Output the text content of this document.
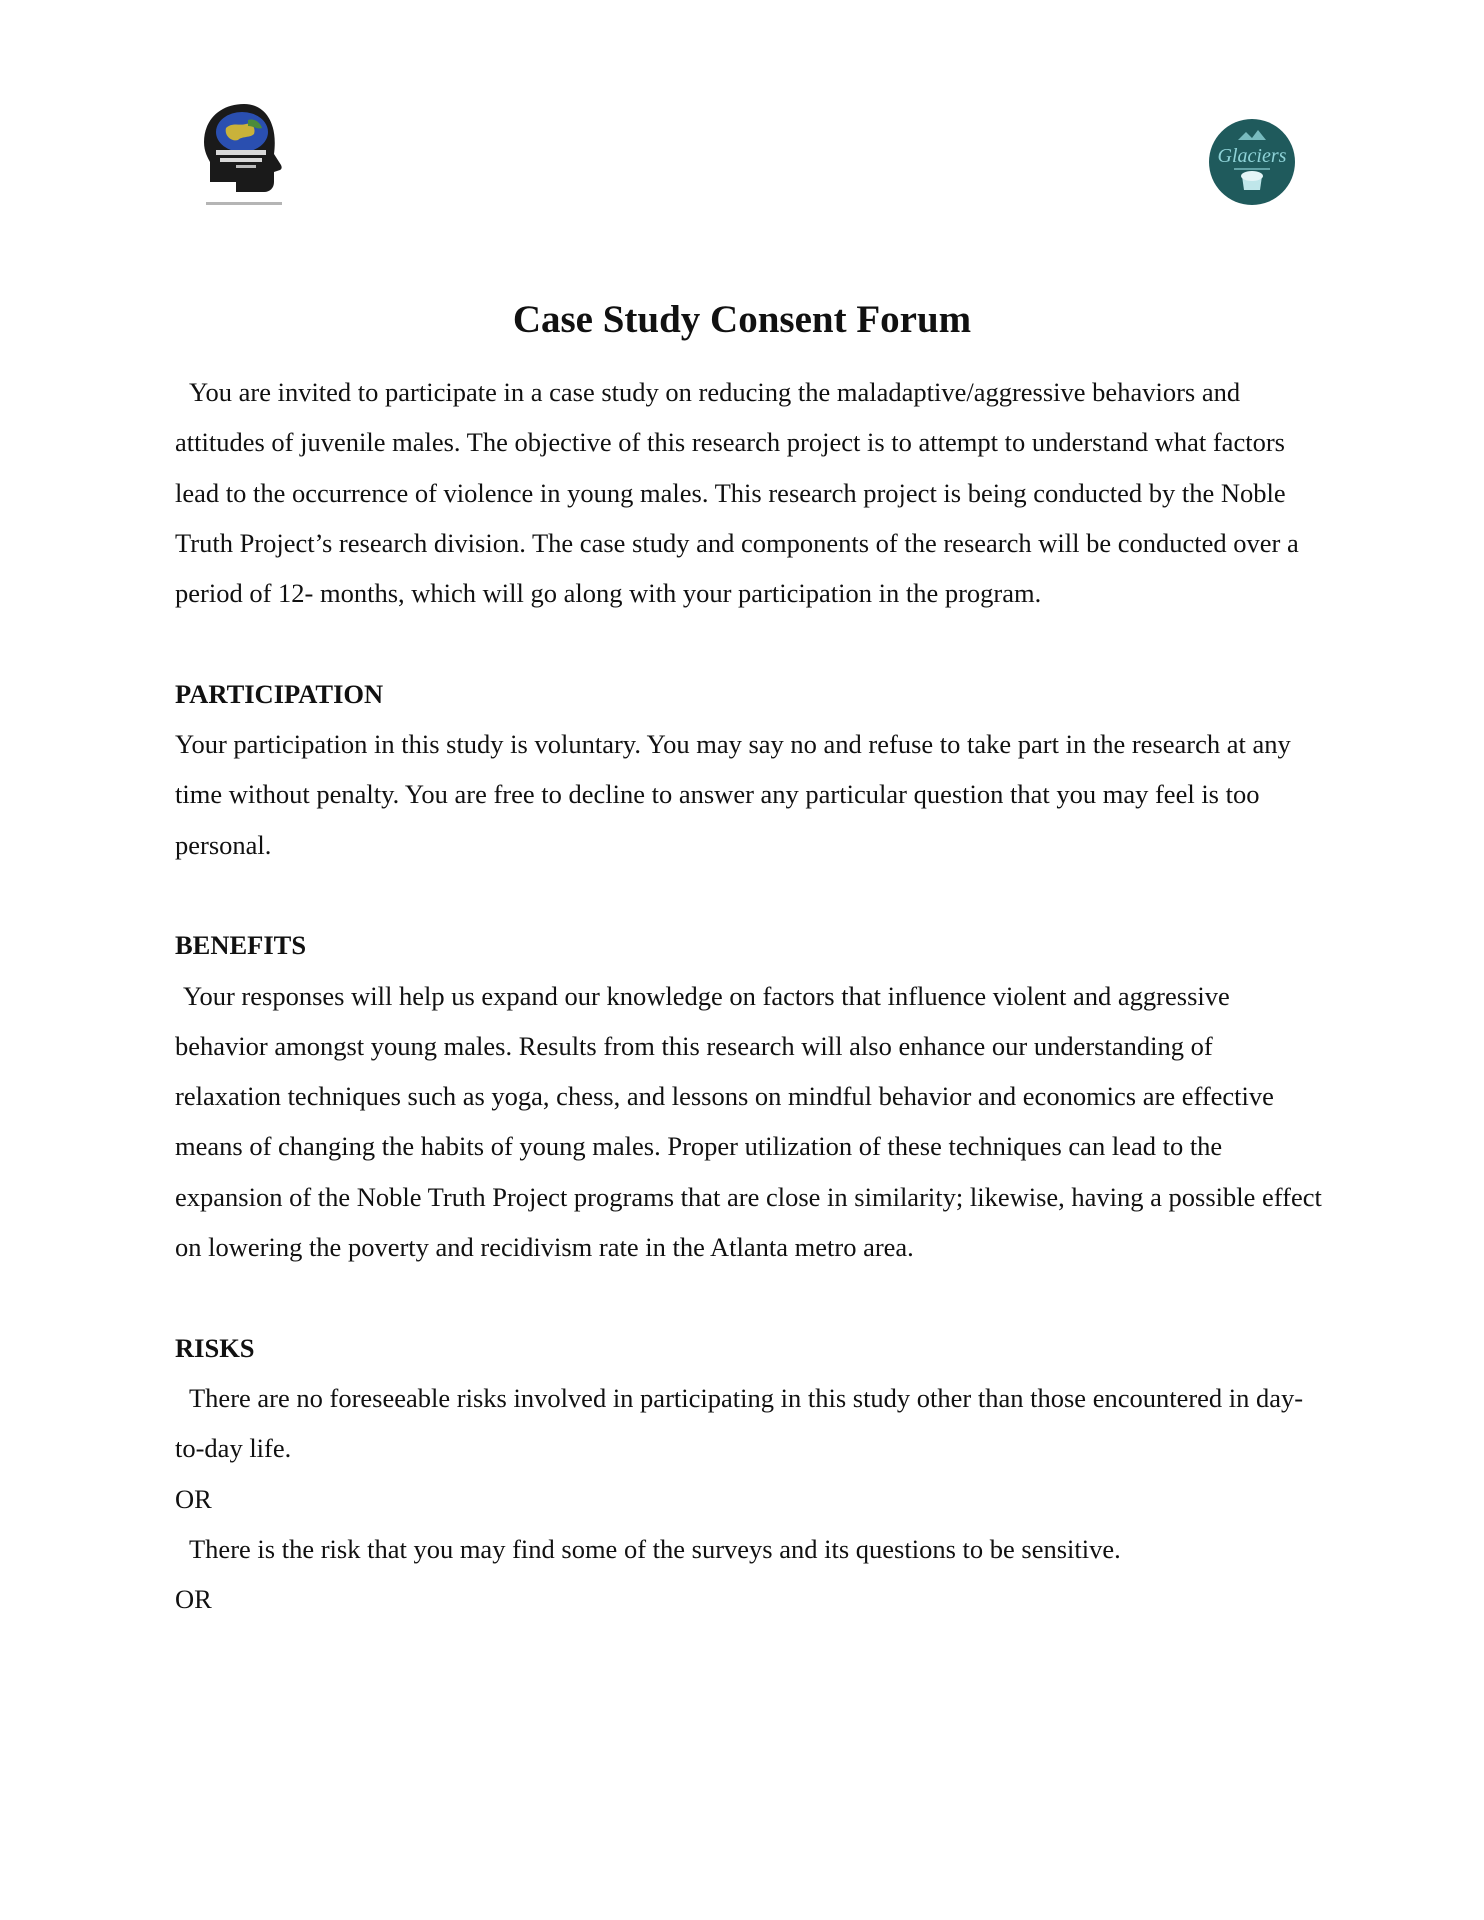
Glaciers
Case Study Consent Forum

You are invited to participate in a case study on reducing the maladaptive/aggressive behaviors and attitudes of juvenile males. The objective of this research project is to attempt to understand what factors lead to the occurrence of violence in young males. This research project is being conducted by the Noble Truth Project’s research division. The case study and components of the research will be conducted over a period of 12- months, which will go along with your participation in the program.

PARTICIPATION

Your participation in this study is voluntary. You may say no and refuse to take part in the research at any time without penalty. You are free to decline to answer any particular question that you may feel is too personal.

BENEFITS

Your responses will help us expand our knowledge on factors that influence violent and aggressive behavior amongst young males. Results from this research will also enhance our understanding of relaxation techniques such as yoga, chess, and lessons on mindful behavior and economics are effective means of changing the habits of young males. Proper utilization of these techniques can lead to the expansion of the Noble Truth Project programs that are close in similarity; likewise, having a possible effect on lowering the poverty and recidivism rate in the Atlanta metro area.

RISKS

There are no foreseeable risks involved in participating in this study other than those encountered in day-to-day life.

OR

There is the risk that you may find some of the surveys and its questions to be sensitive.

OR
